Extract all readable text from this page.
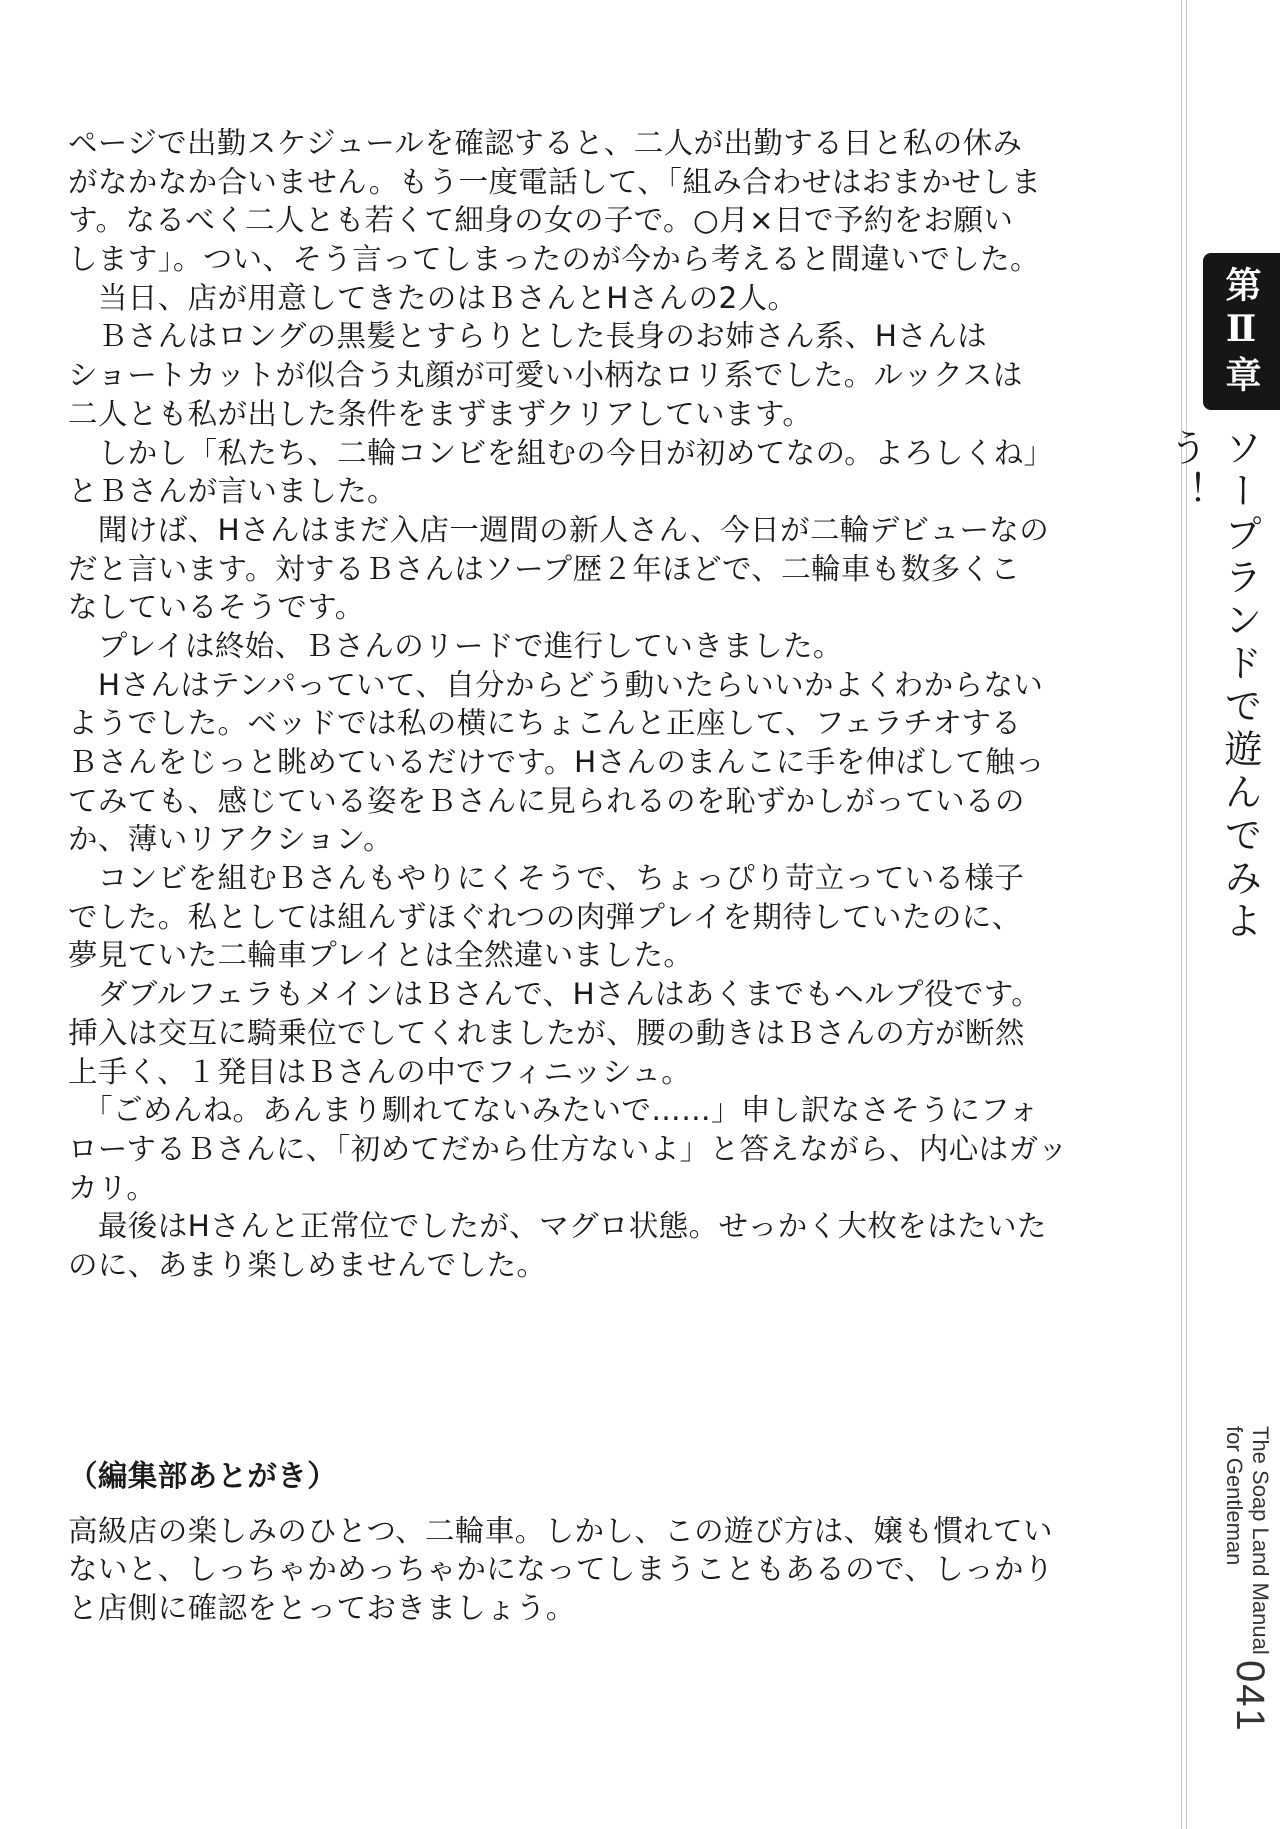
ページで出勤スケジュールを確認すると、二人が出勤する日と私の休み
がなかなか合いません。もう一度電話して、「組み合わせはおまかせしま
す。なるべく二人とも若くて細身の女の子で。○月×日で予約をお願い
します」。つい、そう言ってしまったのが今から考えると間違いでした。
　当日、店が用意してきたのはＢさんとHさんの2人。
　Ｂさんはロングの黒髪とすらりとした長身のお姉さん系、Hさんは
ショートカットが似合う丸顔が可愛い小柄なロリ系でした。ルックスは
二人とも私が出した条件をまずまずクリアしています。
　しかし「私たち、二輪コンビを組むの今日が初めてなの。よろしくね」
とＢさんが言いました。
　聞けば、Hさんはまだ入店一週間の新人さん、今日が二輪デビューなの
だと言います。対するＢさんはソープ歴２年ほどで、二輪車も数多くこ
なしているそうです。
　プレイは終始、Ｂさんのリードで進行していきました。
　Hさんはテンパっていて、自分からどう動いたらいいかよくわからない
ようでした。ベッドでは私の横にちょこんと正座して、フェラチオする
Ｂさんをじっと眺めているだけです。Hさんのまんこに手を伸ばして触っ
てみても、感じている姿をＢさんに見られるのを恥ずかしがっているの
か、薄いリアクション。
　コンビを組むＢさんもやりにくそうで、ちょっぴり苛立っている様子
でした。私としては組んずほぐれつの肉弾プレイを期待していたのに、
夢見ていた二輪車プレイとは全然違いました。
　ダブルフェラもメインはＢさんで、Hさんはあくまでもヘルプ役です。
挿入は交互に騎乗位でしてくれましたが、腰の動きはＢさんの方が断然
上手く、１発目はＢさんの中でフィニッシュ。
　「ごめんね。あんまり馴れてないみたいで……」申し訳なさそうにフォ
ローするＢさんに、「初めてだから仕方ないよ」と答えながら、内心はガッ
カリ。
　最後はHさんと正常位でしたが、マグロ状態。せっかく大枚をはたいた
のに、あまり楽しめませんでした。
（編集部あとがき）
高級店の楽しみのひとつ、二輪車。しかし、この遊び方は、嬢も慣れてい
ないと、しっちゃかめっちゃかになってしまうこともあるので、しっかり
と店側に確認をとっておきましょう。
第Ⅱ章
ソープランドで遊んでみよう！
The Soap Land Manual
for Gentleman
041
